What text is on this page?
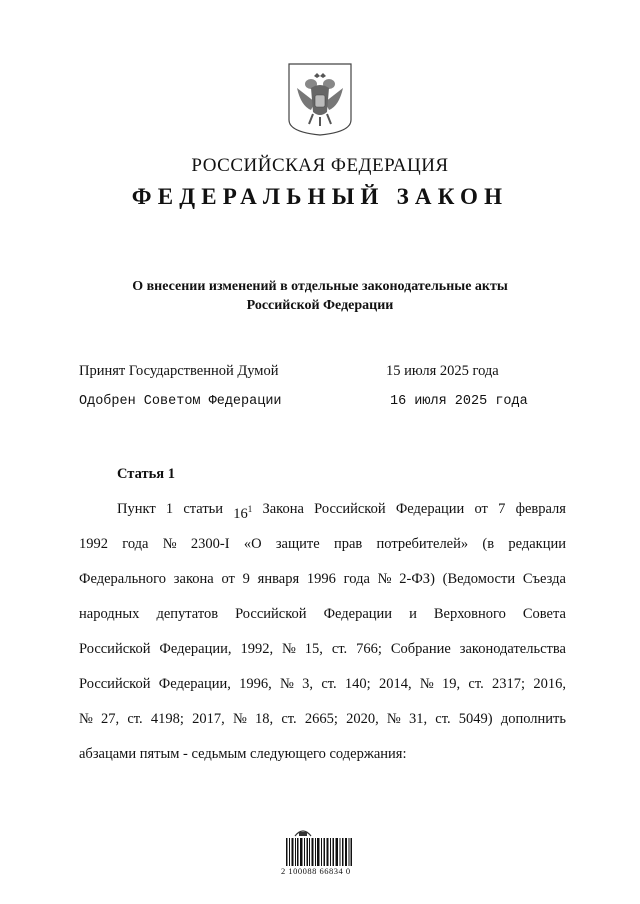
РОССИЙСКАЯ ФЕДЕРАЦИЯ
ФЕДЕРАЛЬНЫЙ ЗАКОН
О внесении изменений в отдельные законодательные акты
Российской Федерации
Принят Государственной Думой	15 июля 2025 года
Одобрен Советом Федерации	16 июля 2025 года
Статья 1
Пункт 1 статьи $16^1$ Закона Российской Федерации от 7 февраля
1992 года № 2300-I «О защите прав потребителей» (в редакции
Федерального закона от 9 января 1996 года № 2-ФЗ) (Ведомости Съезда
народных депутатов Российской Федерации и Верховного Совета
Российской Федерации, 1992, № 15, ст. 766; Собрание законодательства
Российской Федерации, 1996, № 3, ст. 140; 2014, № 19, ст. 2317; 2016,
№ 27, ст. 4198; 2017, № 18, ст. 2665; 2020, № 31, ст. 5049) дополнить
абзацами пятым - седьмым следующего содержания:
2 100088 66834 0
